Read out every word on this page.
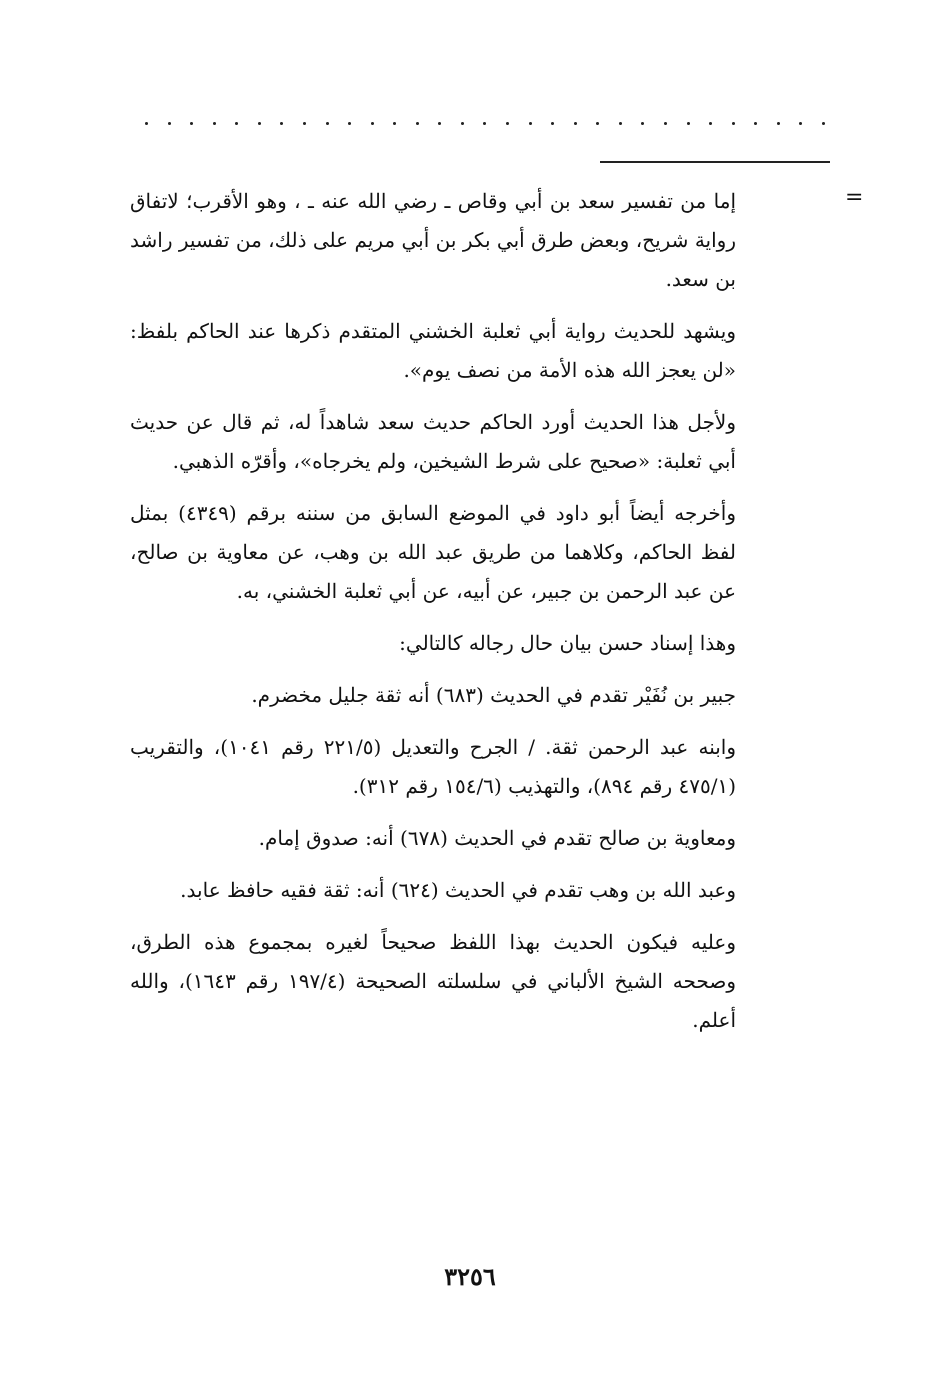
=

إما من تفسير سعد بن أبي وقاص ـ رضي الله عنه ـ ، وهو الأقرب؛ لاتفاق رواية شريح، وبعض طرق أبي بكر بن أبي مريم على ذلك، من تفسير راشد بن سعد.

ويشهد للحديث رواية أبي ثعلبة الخشني المتقدم ذكرها عند الحاكم بلفظ: «لن يعجز الله هذه الأمة من نصف يوم».

ولأجل هذا الحديث أورد الحاكم حديث سعد شاهداً له، ثم قال عن حديث أبي ثعلبة: «صحيح على شرط الشيخين، ولم يخرجاه»، وأقرّه الذهبي.

وأخرجه أيضاً أبو داود في الموضع السابق من سننه برقم (٤٣٤٩) بمثل لفظ الحاكم، وكلاهما من طريق عبد الله بن وهب، عن معاوية بن صالح، عن عبد الرحمن بن جبير، عن أبيه، عن أبي ثعلبة الخشني، به.

وهذا إسناد حسن بيان حال رجاله كالتالي:

جبير بن نُفَيْر تقدم في الحديث (٦٨٣) أنه ثقة جليل مخضرم.

وابنه عبد الرحمن ثقة. / الجرح والتعديل (٢٢١/٥ رقم ١٠٤١)، والتقريب (٤٧٥/١ رقم ٨٩٤)، والتهذيب (١٥٤/٦ رقم ٣١٢).

ومعاوية بن صالح تقدم في الحديث (٦٧٨) أنه: صدوق إمام.

وعبد الله بن وهب تقدم في الحديث (٦٢٤) أنه: ثقة فقيه حافظ عابد.

وعليه فيكون الحديث بهذا اللفظ صحيحاً لغيره بمجموع هذه الطرق، وصححه الشيخ الألباني في سلسلته الصحيحة (١٩٧/٤ رقم ١٦٤٣)، والله أعلم.

٣٢٥٦
